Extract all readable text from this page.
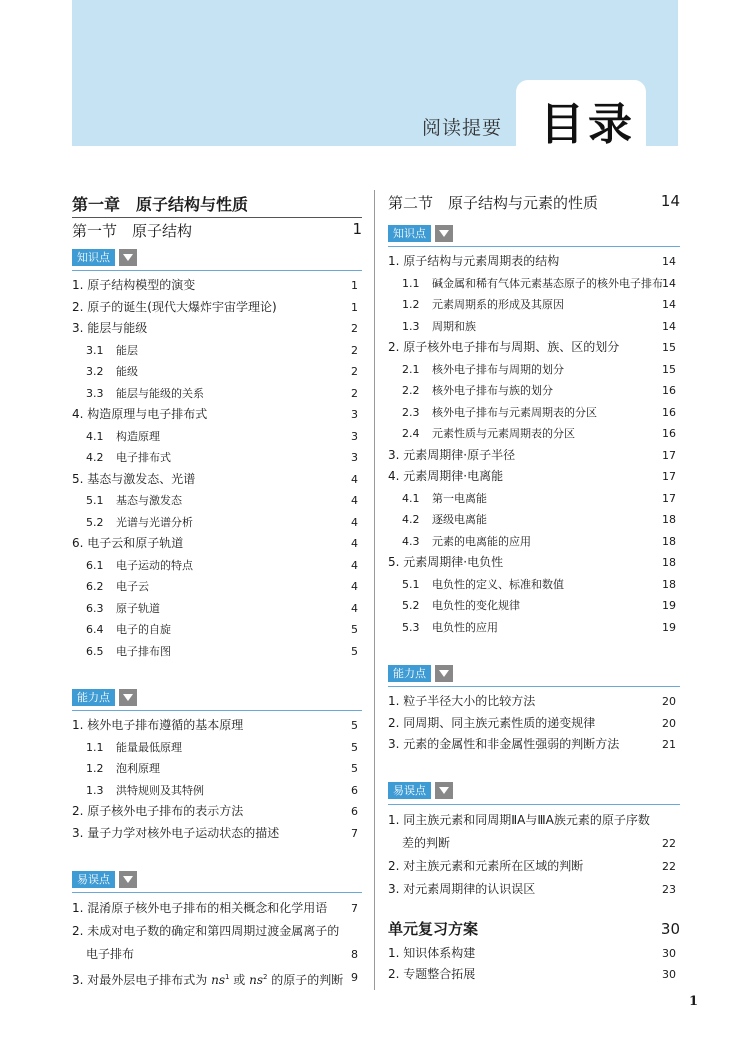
阅读提要 目录
第一章　原子结构与性质
第一节　原子结构	1
知识点
1. 原子结构模型的演变	1
2. 原子的诞生(现代大爆炸宇宙学理论)	1
3. 能层与能级	2
3.1 能层	2
3.2 能级	2
3.3 能层与能级的关系	2
4. 构造原理与电子排布式	3
4.1 构造原理	3
4.2 电子排布式	3
5. 基态与激发态、光谱	4
5.1 基态与激发态	4
5.2 光谱与光谱分析	4
6. 电子云和原子轨道	4
6.1 电子运动的特点	4
6.2 电子云	4
6.3 原子轨道	4
6.4 电子的自旋	5
6.5 电子排布图	5
能力点
1. 核外电子排布遵循的基本原理	5
1.1 能量最低原理	5
1.2 泡利原理	5
1.3 洪特规则及其特例	6
2. 原子核外电子排布的表示方法	6
3. 量子力学对核外电子运动状态的描述	7
易误点
1. 混淆原子核外电子排布的相关概念和化学用语 7
2. 未成对电子数的确定和第四周期过渡金属离子的
电子排布	8
3. 对最外层电子排布式为 $ns^1$ 或 $ns^2$ 的原子的判断 9
第二节　原子结构与元素的性质	14
知识点
1. 原子结构与元素周期表的结构	14
1.1 碱金属和稀有气体元素基态原子的核外电子排布 14
1.2 元素周期系的形成及其原因	14
1.3 周期和族	14
2. 原子核外电子排布与周期、族、区的划分	15
2.1 核外电子排布与周期的划分	15
2.2 核外电子排布与族的划分	16
2.3 核外电子排布与元素周期表的分区	16
2.4 元素性质与元素周期表的分区	16
3. 元素周期律·原子半径	17
4. 元素周期律·电离能	17
4.1 第一电离能	17
4.2 逐级电离能	18
4.3 元素的电离能的应用	18
5. 元素周期律·电负性	18
5.1 电负性的定义、标准和数值	18
5.2 电负性的变化规律	19
5.3 电负性的应用	19
能力点
1. 粒子半径大小的比较方法	20
2. 同周期、同主族元素性质的递变规律	20
3. 元素的金属性和非金属性强弱的判断方法	21
易误点
1. 同主族元素和同周期ⅡA与ⅢA族元素的原子序数
差的判断	22
2. 对主族元素和元素所在区域的判断	22
3. 对元素周期律的认识误区	23
单元复习方案	30
1. 知识体系构建	30
2. 专题整合拓展	30
1
